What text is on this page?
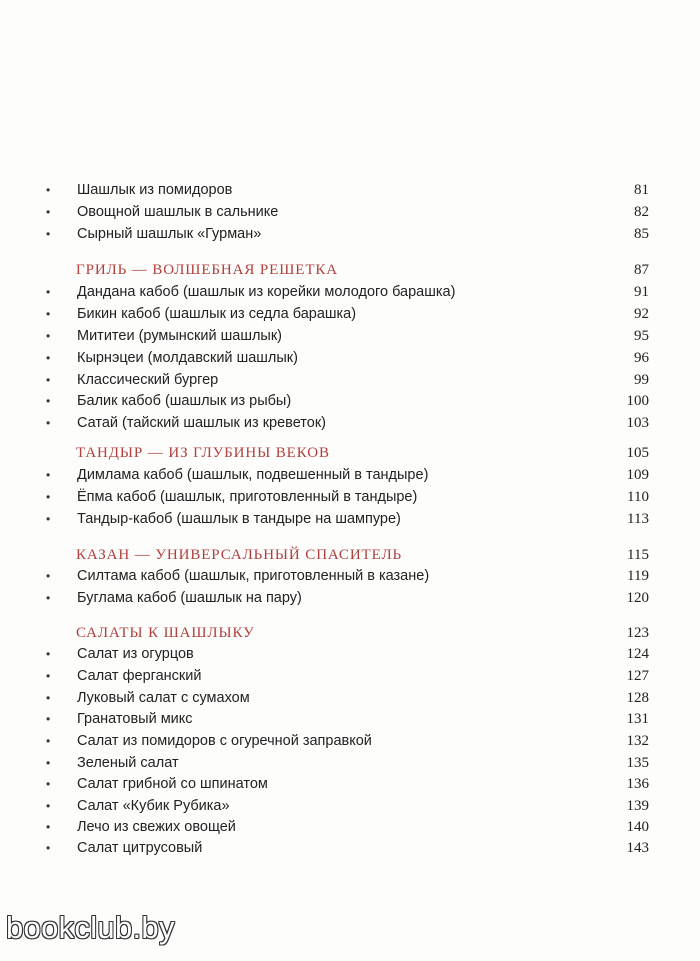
• Шашлык из помидоров	81
• Овощной шашлык в сальнике	82
• Сырный шашлык «Гурман»	85
ГРИЛЬ — ВОЛШЕБНАЯ РЕШЕТКА	87
• Дандана кабоб (шашлык из корейки молодого барашка)	91
• Бикин кабоб (шашлык из седла барашка)	92
• Мититеи (румынский шашлык)	95
• Кырнэцеи (молдавский шашлык)	96
• Классический бургер	99
• Балик кабоб (шашлык из рыбы)	100
• Сатай (тайский шашлык из креветок)	103
ТАНДЫР — ИЗ ГЛУБИНЫ ВЕКОВ	105
• Димлама кабоб (шашлык, подвешенный в тандыре)	109
• Ёпма кабоб (шашлык, приготовленный в тандыре)	110
• Тандыр-кабоб (шашлык в тандыре на шампуре)	113
КАЗАН — УНИВЕРСАЛЬНЫЙ СПАСИТЕЛЬ	115
• Силтама кабоб (шашлык, приготовленный в казане)	119
• Буглама кабоб (шашлык на пару)	120
САЛАТЫ К ШАШЛЫКУ	123
• Салат из огурцов	124
• Салат ферганский	127
• Луковый салат с сумахом	128
• Гранатовый микс	131
• Салат из помидоров с огуречной заправкой	132
• Зеленый салат	135
• Салат грибной со шпинатом	136
• Салат «Кубик Рубика»	139
• Лечо из свежих овощей	140
• Салат цитрусовый	143
bookclub.by
